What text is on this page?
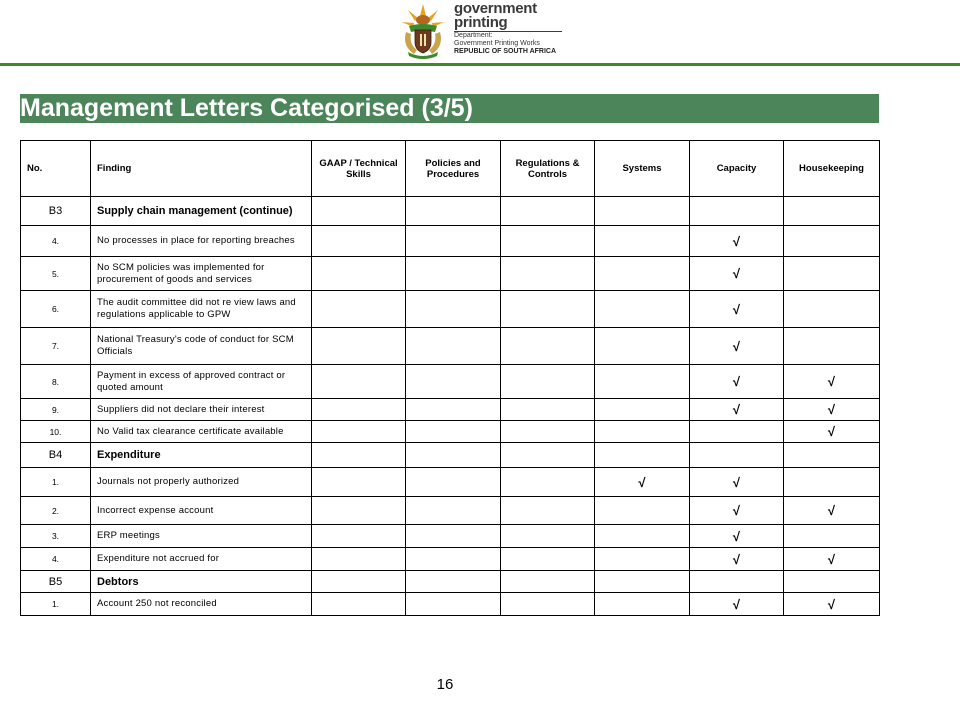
government
printing
Department:
Government Printing Works
REPUBLIC OF SOUTH AFRICA
Management Letters Categorised (3/5)
No.	Finding	GAAP / Technical Skills	Policies and Procedures	Regulations & Controls	Systems	Capacity	Housekeeping
B3	Supply chain management (continue)						
4.	No processes in place for reporting breaches					√	
5.	No SCM policies was implemented for procurement of goods and services					√	
6.	The audit committee did not re view laws and regulations applicable to GPW					√	
7.	National Treasury's code of conduct for SCM Officials					√	
8.	Payment in excess of approved contract or quoted amount					√	√
9.	Suppliers did not declare their interest					√	√
10.	No Valid tax clearance certificate available						√
B4	Expenditure						
1.	Journals not properly authorized				√	√	
2.	Incorrect expense account					√	√
3.	ERP meetings					√	
4.	Expenditure not accrued for					√	√
B5	Debtors						
1.	Account 250 not reconciled					√	√
16
